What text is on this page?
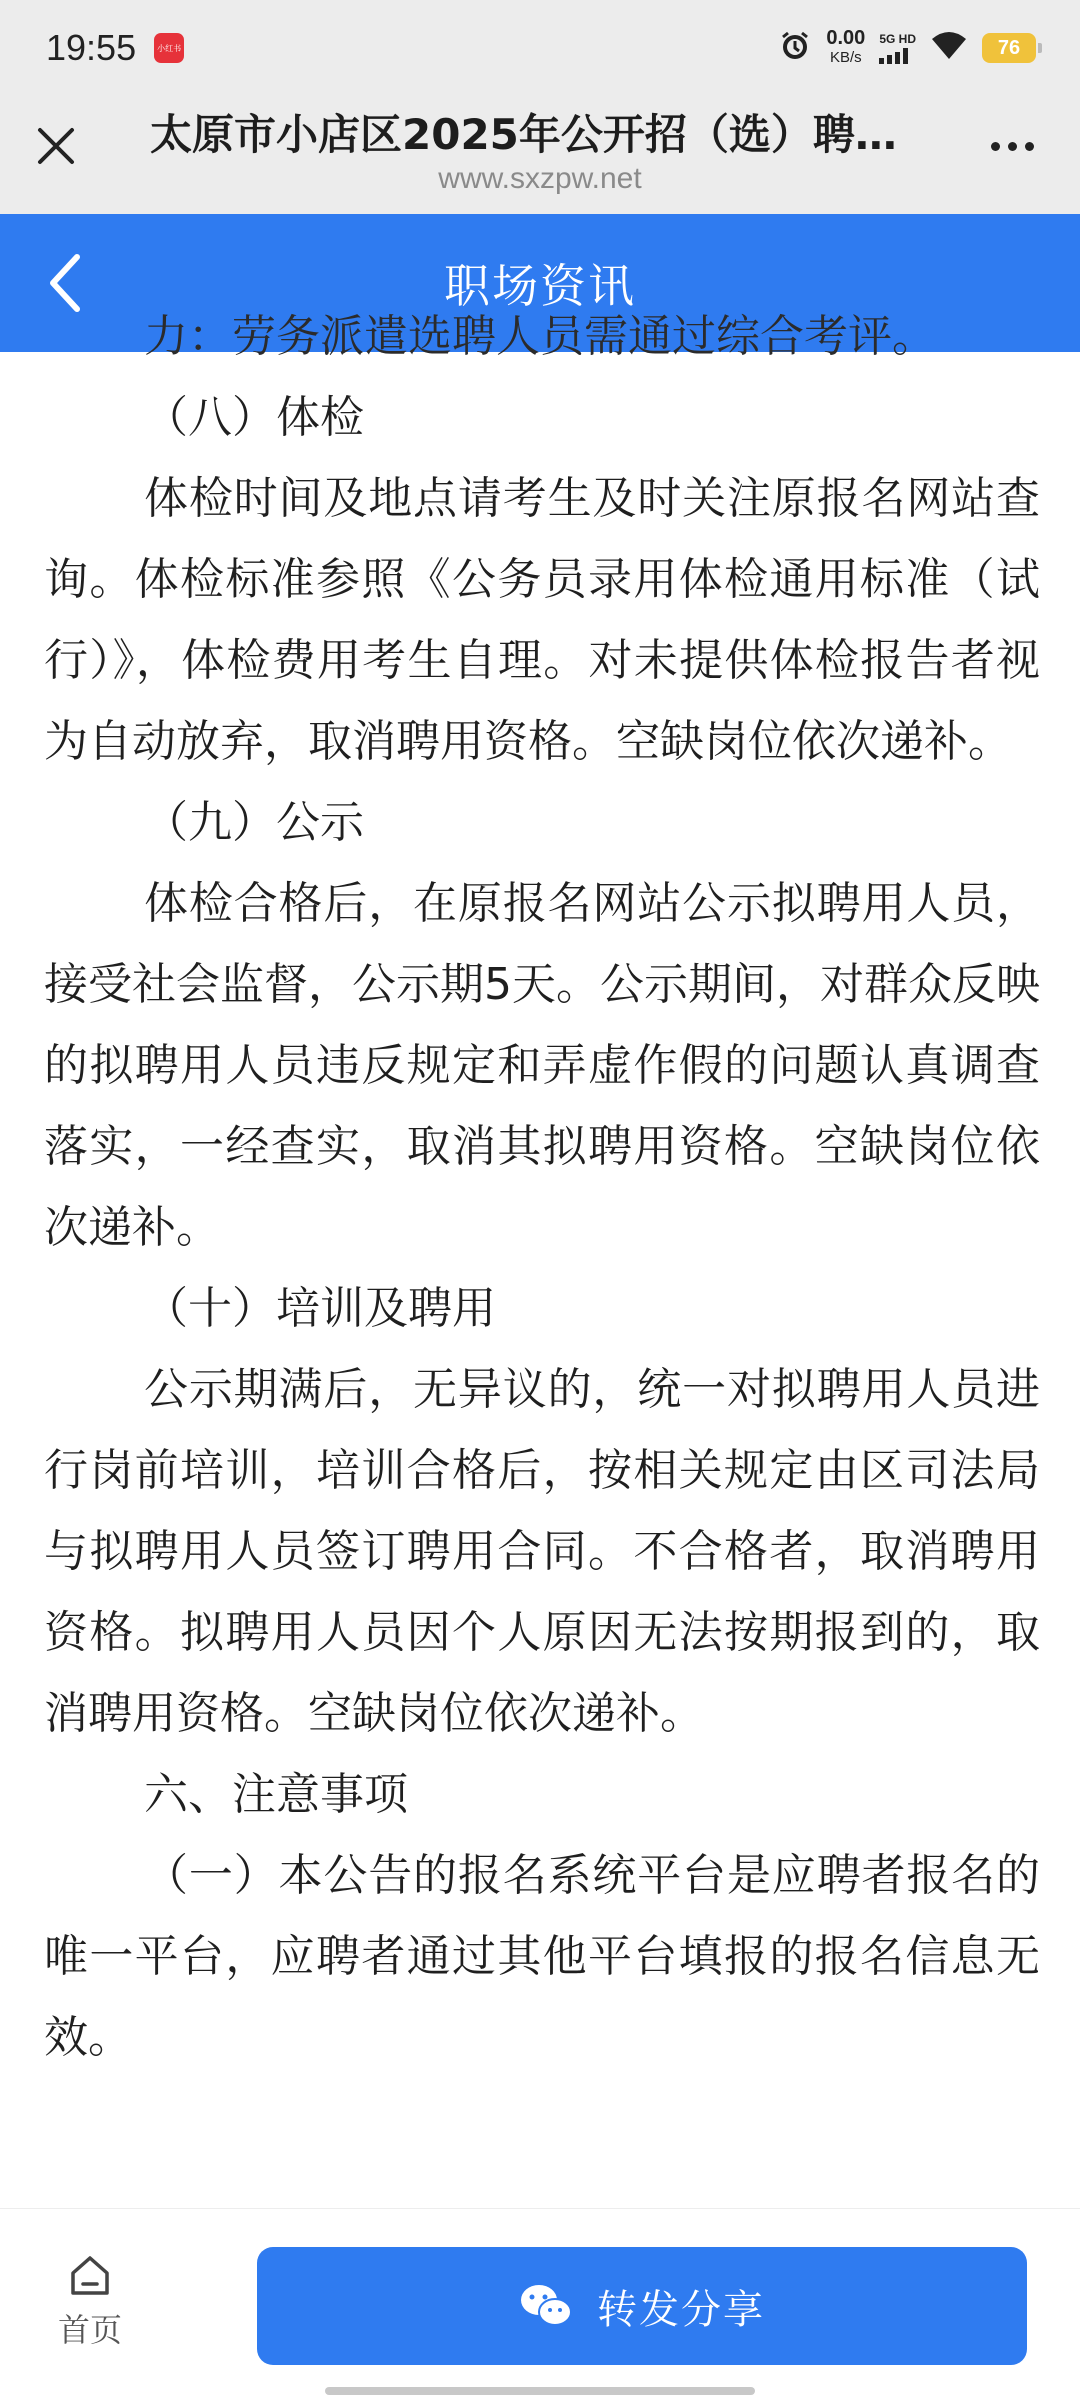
19:55	小红书	0.00
KB/s
5G HD	76
太原市小店区2025年公开招（选）聘…
www.sxzpw.net
职场资讯

力：劳务派遣选聘人员需通过综合考评。

（八）体检

体检时间及地点请考生及时关注原报名网站查询。体检标准参照《公务员录用体检通用标准（试行）》，体检费用考生自理。对未提供体检报告者视为自动放弃，取消聘用资格。空缺岗位依次递补。

（九）公示

体检合格后，在原报名网站公示拟聘用人员，接受社会监督，公示期5天。公示期间，对群众反映的拟聘用人员违反规定和弄虚作假的问题认真调查落实，一经查实，取消其拟聘用资格。空缺岗位依次递补。

（十）培训及聘用

公示期满后，无异议的，统一对拟聘用人员进行岗前培训，培训合格后，按相关规定由区司法局与拟聘用人员签订聘用合同。不合格者，取消聘用资格。拟聘用人员因个人原因无法按期报到的，取消聘用资格。空缺岗位依次递补。

六、注意事项

（一）本公告的报名系统平台是应聘者报名的唯一平台，应聘者通过其他平台填报的报名信息无效。

首页	转发分享
